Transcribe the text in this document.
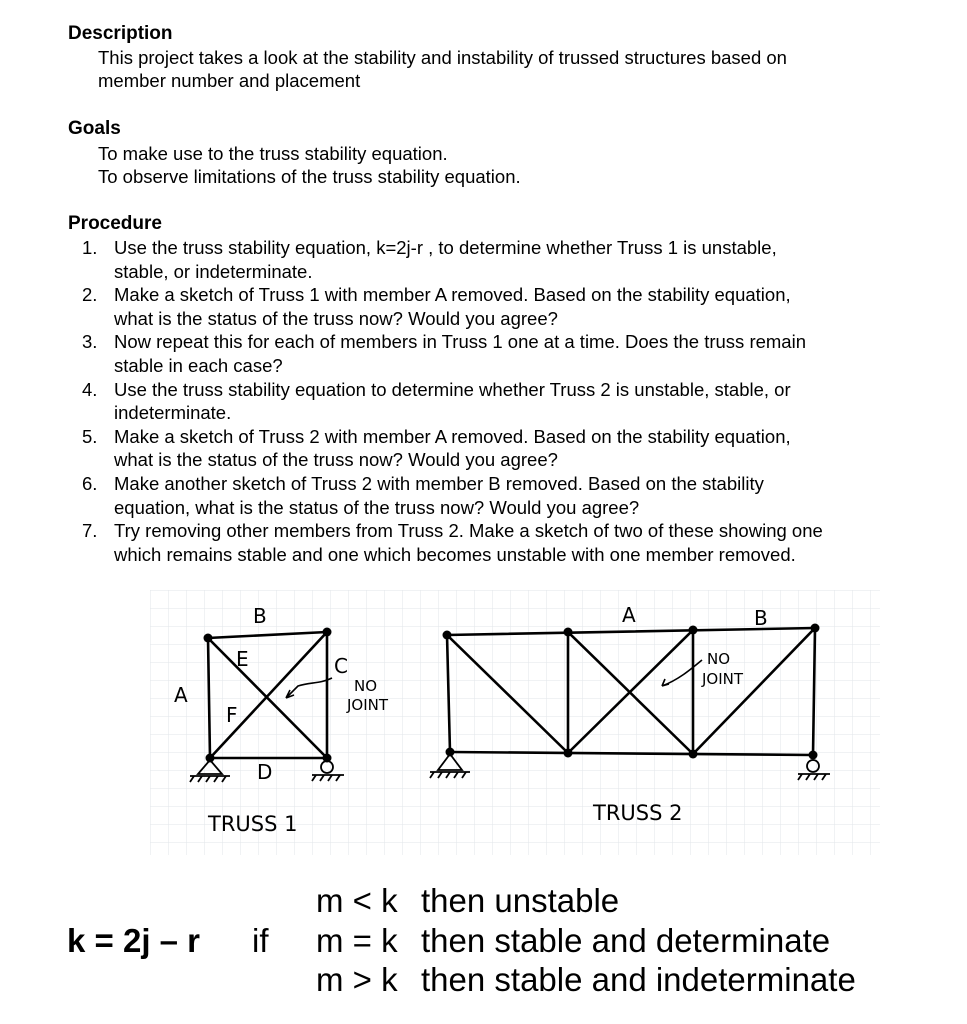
Description
This project takes a look at the stability and instability of trussed structures based on
member number and placement
Goals
To make use to the truss stability equation.
To observe limitations of the truss stability equation.
Procedure
1. Use the truss stability equation, k=2j-r , to determine whether Truss 1 is unstable,
stable, or indeterminate.
2. Make a sketch of Truss 1 with member A removed. Based on the stability equation,
what is the status of the truss now? Would you agree?
3. Now repeat this for each of members in Truss 1 one at a time. Does the truss remain
stable in each case?
4. Use the truss stability equation to determine whether Truss 2 is unstable, stable, or
indeterminate.
5. Make a sketch of Truss 2 with member A removed. Based on the stability equation,
what is the status of the truss now? Would you agree?
6. Make another sketch of Truss 2 with member B removed. Based on the stability
equation, what is the status of the truss now? Would you agree?
7. Try removing other members from Truss 2. Make a sketch of two of these showing one
which remains stable and one which becomes unstable with one member removed.
B
A
C
D
E
F
NO
JOINT
TRUSS 1
A	B
NO
JOINT
TRUSS 2
k = 2j – r if
m < k then unstable
m = k then stable and determinate
m > k then stable and indeterminate
